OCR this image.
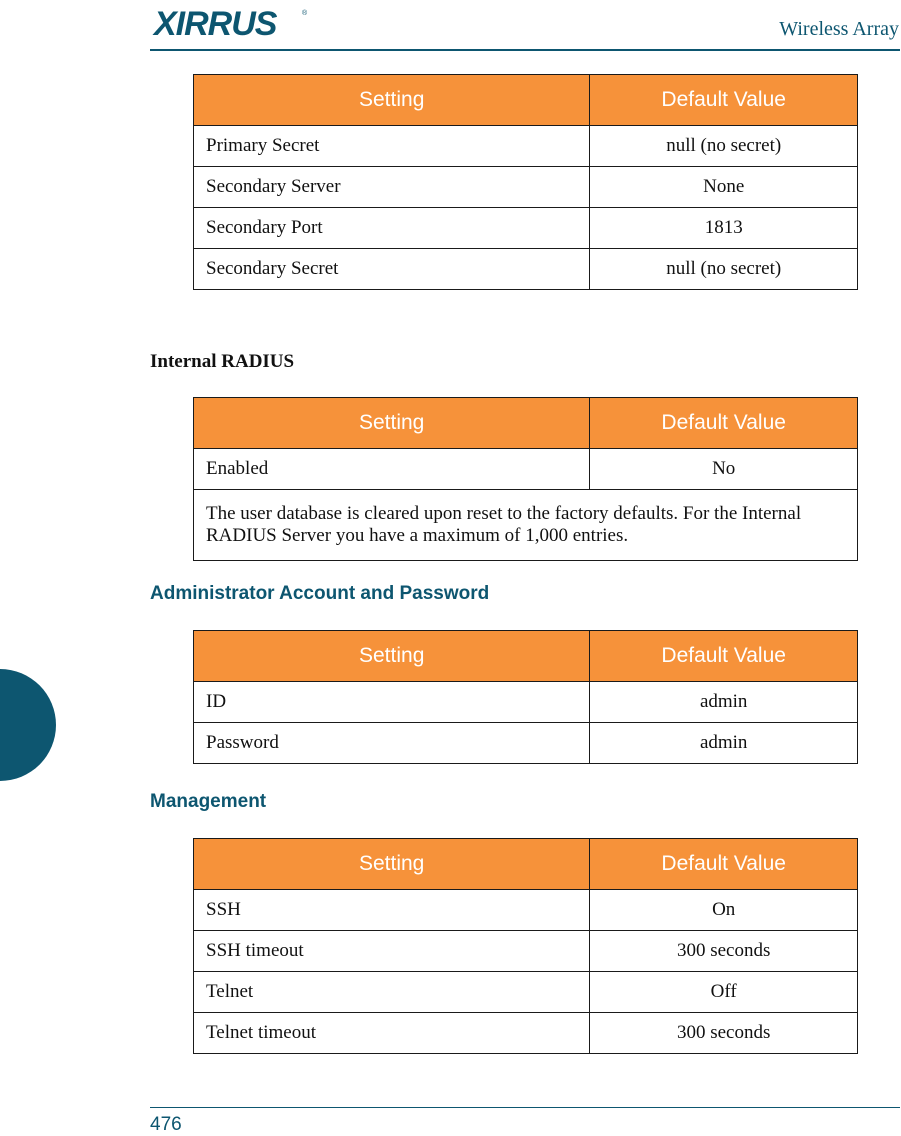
XIRRUS	®
Wireless Array
Setting	Default Value
Primary Secret	null (no secret)
Secondary Server	None
Secondary Port	1813
Secondary Secret	null (no secret)
Internal RADIUS
Setting	Default Value
Enabled	No
The user database is cleared upon reset to the factory defaults. For the Internal RADIUS Server you have a maximum of 1,000 entries.	
Administrator Account and Password
Setting	Default Value
ID	admin
Password	admin
Management
Setting	Default Value
SSH	On
SSH timeout	300 seconds
Telnet	Off
Telnet timeout	300 seconds
476
